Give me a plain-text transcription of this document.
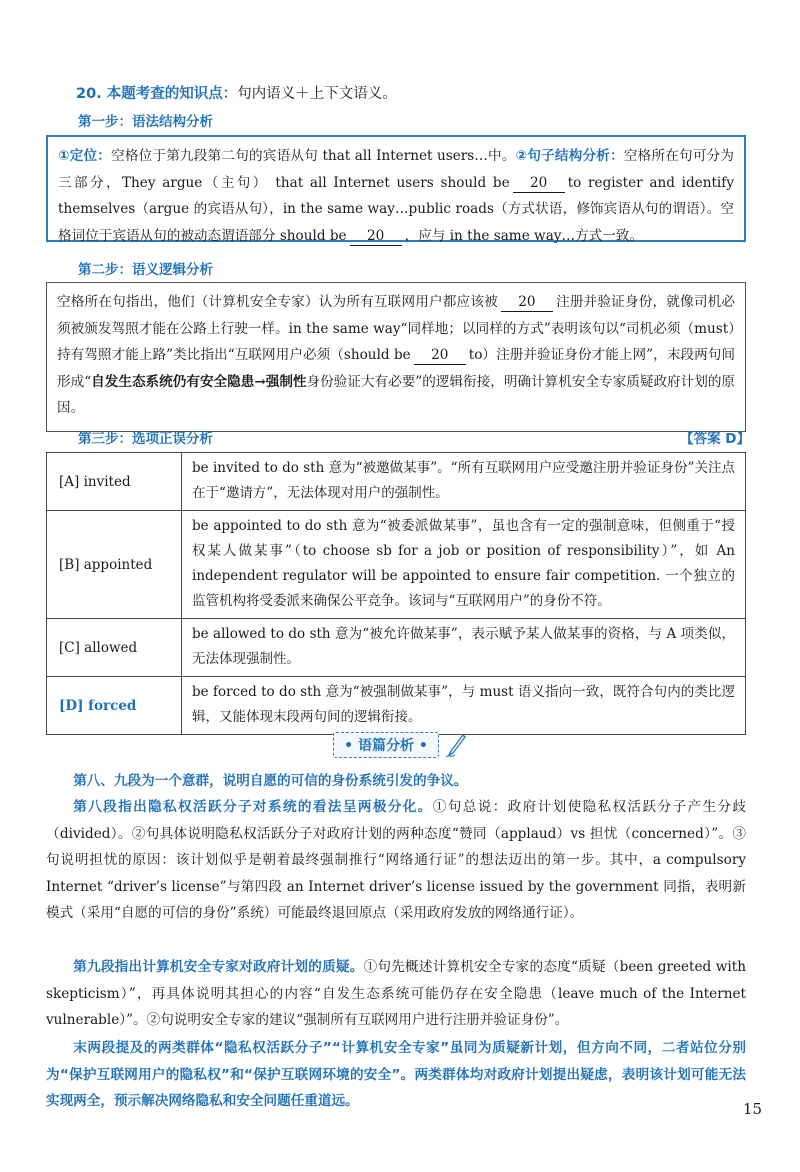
20. 本题考查的知识点：句内语义＋上下文语义。
第一步：语法结构分析
①定位：空格位于第九段第二句的宾语从句 that all Internet users…中。②句子结构分析：空格所在句可分为三部分，They argue（主句） that all Internet users should be 20 to register and identify themselves（argue 的宾语从句），in the same way…public roads（方式状语，修饰宾语从句的谓语）。空格词位于宾语从句的被动态谓语部分 should be 20 ，应与 in the same way…方式一致。
第二步：语义逻辑分析
空格所在句指出，他们（计算机安全专家）认为所有互联网用户都应该被 20 注册并验证身份，就像司机必须被颁发驾照才能在公路上行驶一样。in the same way“同样地；以同样的方式”表明该句以“司机必须（must）持有驾照才能上路”类比指出“互联网用户必须（should be 20 to）注册并验证身份才能上网”，末段两句间形成“自发生态系统仍有安全隐患→强制性身份验证大有必要”的逻辑衔接，明确计算机安全专家质疑政府计划的原因。
第三步：选项正误分析	【答案 D】
[A] invited	be invited to do sth 意为“被邀做某事”。“所有互联网用户应受邀注册并验证身份”关注点在于“邀请方”，无法体现对用户的强制性。
[B] appointed	be appointed to do sth 意为“被委派做某事”，虽也含有一定的强制意味，但侧重于“授权某人做某事”（to choose sb for a job or position of responsibility）”，如 An independent regulator will be appointed to ensure fair competition. 一个独立的监管机构将受委派来确保公平竞争。该词与“互联网用户”的身份不符。
[C] allowed	be allowed to do sth 意为“被允许做某事”，表示赋予某人做某事的资格，与 A 项类似，无法体现强制性。
[D] forced	be forced to do sth 意为“被强制做某事”，与 must 语义指向一致，既符合句内的类比逻辑，又能体现末段两句间的逻辑衔接。
• 语篇分析 •
第八、九段为一个意群，说明自愿的可信的身份系统引发的争议。
第八段指出隐私权活跃分子对系统的看法呈两极分化。①句总说：政府计划使隐私权活跃分子产生分歧（divided）。②句具体说明隐私权活跃分子对政府计划的两种态度“赞同（applaud）vs 担忧（concerned）”。③句说明担忧的原因：该计划似乎是朝着最终强制推行“网络通行证”的想法迈出的第一步。其中，a compulsory Internet “driver’s license”与第四段 an Internet driver’s license issued by the government 同指，表明新模式（采用“自愿的可信的身份”系统）可能最终退回原点（采用政府发放的网络通行证）。
第九段指出计算机安全专家对政府计划的质疑。①句先概述计算机安全专家的态度“质疑（been greeted with skepticism）”，再具体说明其担心的内容“自发生态系统可能仍存在安全隐患（leave much of the Internet vulnerable）”。②句说明安全专家的建议“强制所有互联网用户进行注册并验证身份”。
末两段提及的两类群体“隐私权活跃分子”“计算机安全专家”虽同为质疑新计划，但方向不同，二者站位分别为“保护互联网用户的隐私权”和“保护互联网环境的安全”。两类群体均对政府计划提出疑虑，表明该计划可能无法实现两全，预示解决网络隐私和安全问题任重道远。	15
